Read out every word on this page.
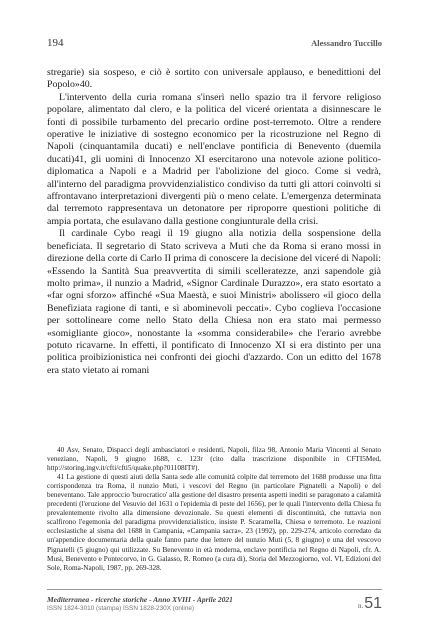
194	Alessandro Tuccillo

stregarie) sia sospeso, e ciò è sortito con universale applauso, e benedittioni del Popolo»40.

L'intervento della curia romana s'inserì nello spazio tra il fervore religioso popolare, alimentato dal clero, e la politica del viceré orientata a disinnescare le fonti di possibile turbamento del precario ordine post-terremoto. Oltre a rendere operative le iniziative di sostegno economico per la ricostruzione nel Regno di Napoli (cinquantamila ducati) e nell'enclave pontificia di Benevento (duemila ducati)41, gli uomini di Innocenzo XI esercitarono una notevole azione politico-diplomatica a Napoli e a Madrid per l'abolizione del gioco. Come si vedrà, all'interno del paradigma provvidenzialistico condiviso da tutti gli attori coinvolti si affrontavano interpretazioni divergenti più o meno celate. L'emergenza determinata dal terremoto rappresentava un detonatore per riproporre questioni politiche di ampia portata, che esulavano dalla gestione congiunturale della crisi.

Il cardinale Cybo reagì il 19 giugno alla notizia della sospensione della beneficiata. Il segretario di Stato scriveva a Muti che da Roma si erano mossi in direzione della corte di Carlo II prima di conoscere la decisione del viceré di Napoli: «Essendo la Santità Sua preavvertita di simili scelleratezze, anzi sapendole già molto prima», il nunzio a Madrid, «Signor Cardinale Durazzo», era stato esortato a «far ogni sforzo» affinché «Sua Maestà, e suoi Ministri» abolissero «il gioco della Benefiziata ragione di tanti, e sì abominevoli peccati». Cybo coglieva l'occasione per sottolineare come nello Stato della Chiesa non era stato mai permesso «somigliante gioco», nonostante la «somma considerabile» che l'erario avrebbe potuto ricavarne. In effetti, il pontificato di Innocenzo XI si era distinto per una politica proibizionistica nei confronti dei giochi d'azzardo. Con un editto del 1678 era stato vietato ai romani

40 Asv, Senato, Dispacci degli ambasciatori e residenti, Napoli, filza 98, Antonio Maria Vincenti al Senato veneziano, Napoli, 9 giugno 1688, c. 123r (cito dalla trascrizione disponibile in CFTI5Med, http://storing.ingv.it/cfti/cfti5/quake.php?01108IT#).

41 La gestione di questi aiuti della Santa sede alle comunità colpite dal terremoto del 1688 produsse una fitta corrispondenza tra Roma, il nunzio Muti, i vescovi del Regno (in particolare Pignatelli a Napoli) e del beneventano. Tale approccio 'burocratico' alla gestione del disastro presenta aspetti inediti se paragonato a calamità precedenti (l'eruzione del Vesuvio del 1631 o l'epidemia di peste del 1656), per le quali l'intervento della Chiesa fu prevalentemente rivolto alla dimensione devozionale. Su questi elementi di discontinuità, che tuttavia non scalfirono l'egemonia del paradigma provvidenzialistico, insiste P. Scaramella, Chiesa e terremoto. Le reazioni ecclesiastiche al sisma del 1688 in Campania, «Campania sacra», 23 (1992), pp. 229-274, articolo corredato da un'appendice documentaria della quale fanno parte due lettere del nunzio Muti (5, 8 giugno) e una del vescovo Pignatelli (5 giugno) qui utilizzate. Su Benevento in età moderna, enclave pontificia nel Regno di Napoli, cfr. A. Musi, Benevento e Pontecorvo, in G. Galasso, R. Romeo (a cura di), Storia del Mezzogiorno, vol. VI, Edizioni del Sole, Roma-Napoli, 1987, pp. 269-328.

Mediterranea - ricerche storiche - Anno XVIII - Aprile 2021
ISSN 1824-3010 (stampa) ISSN 1828-230X (online)	n. 51
